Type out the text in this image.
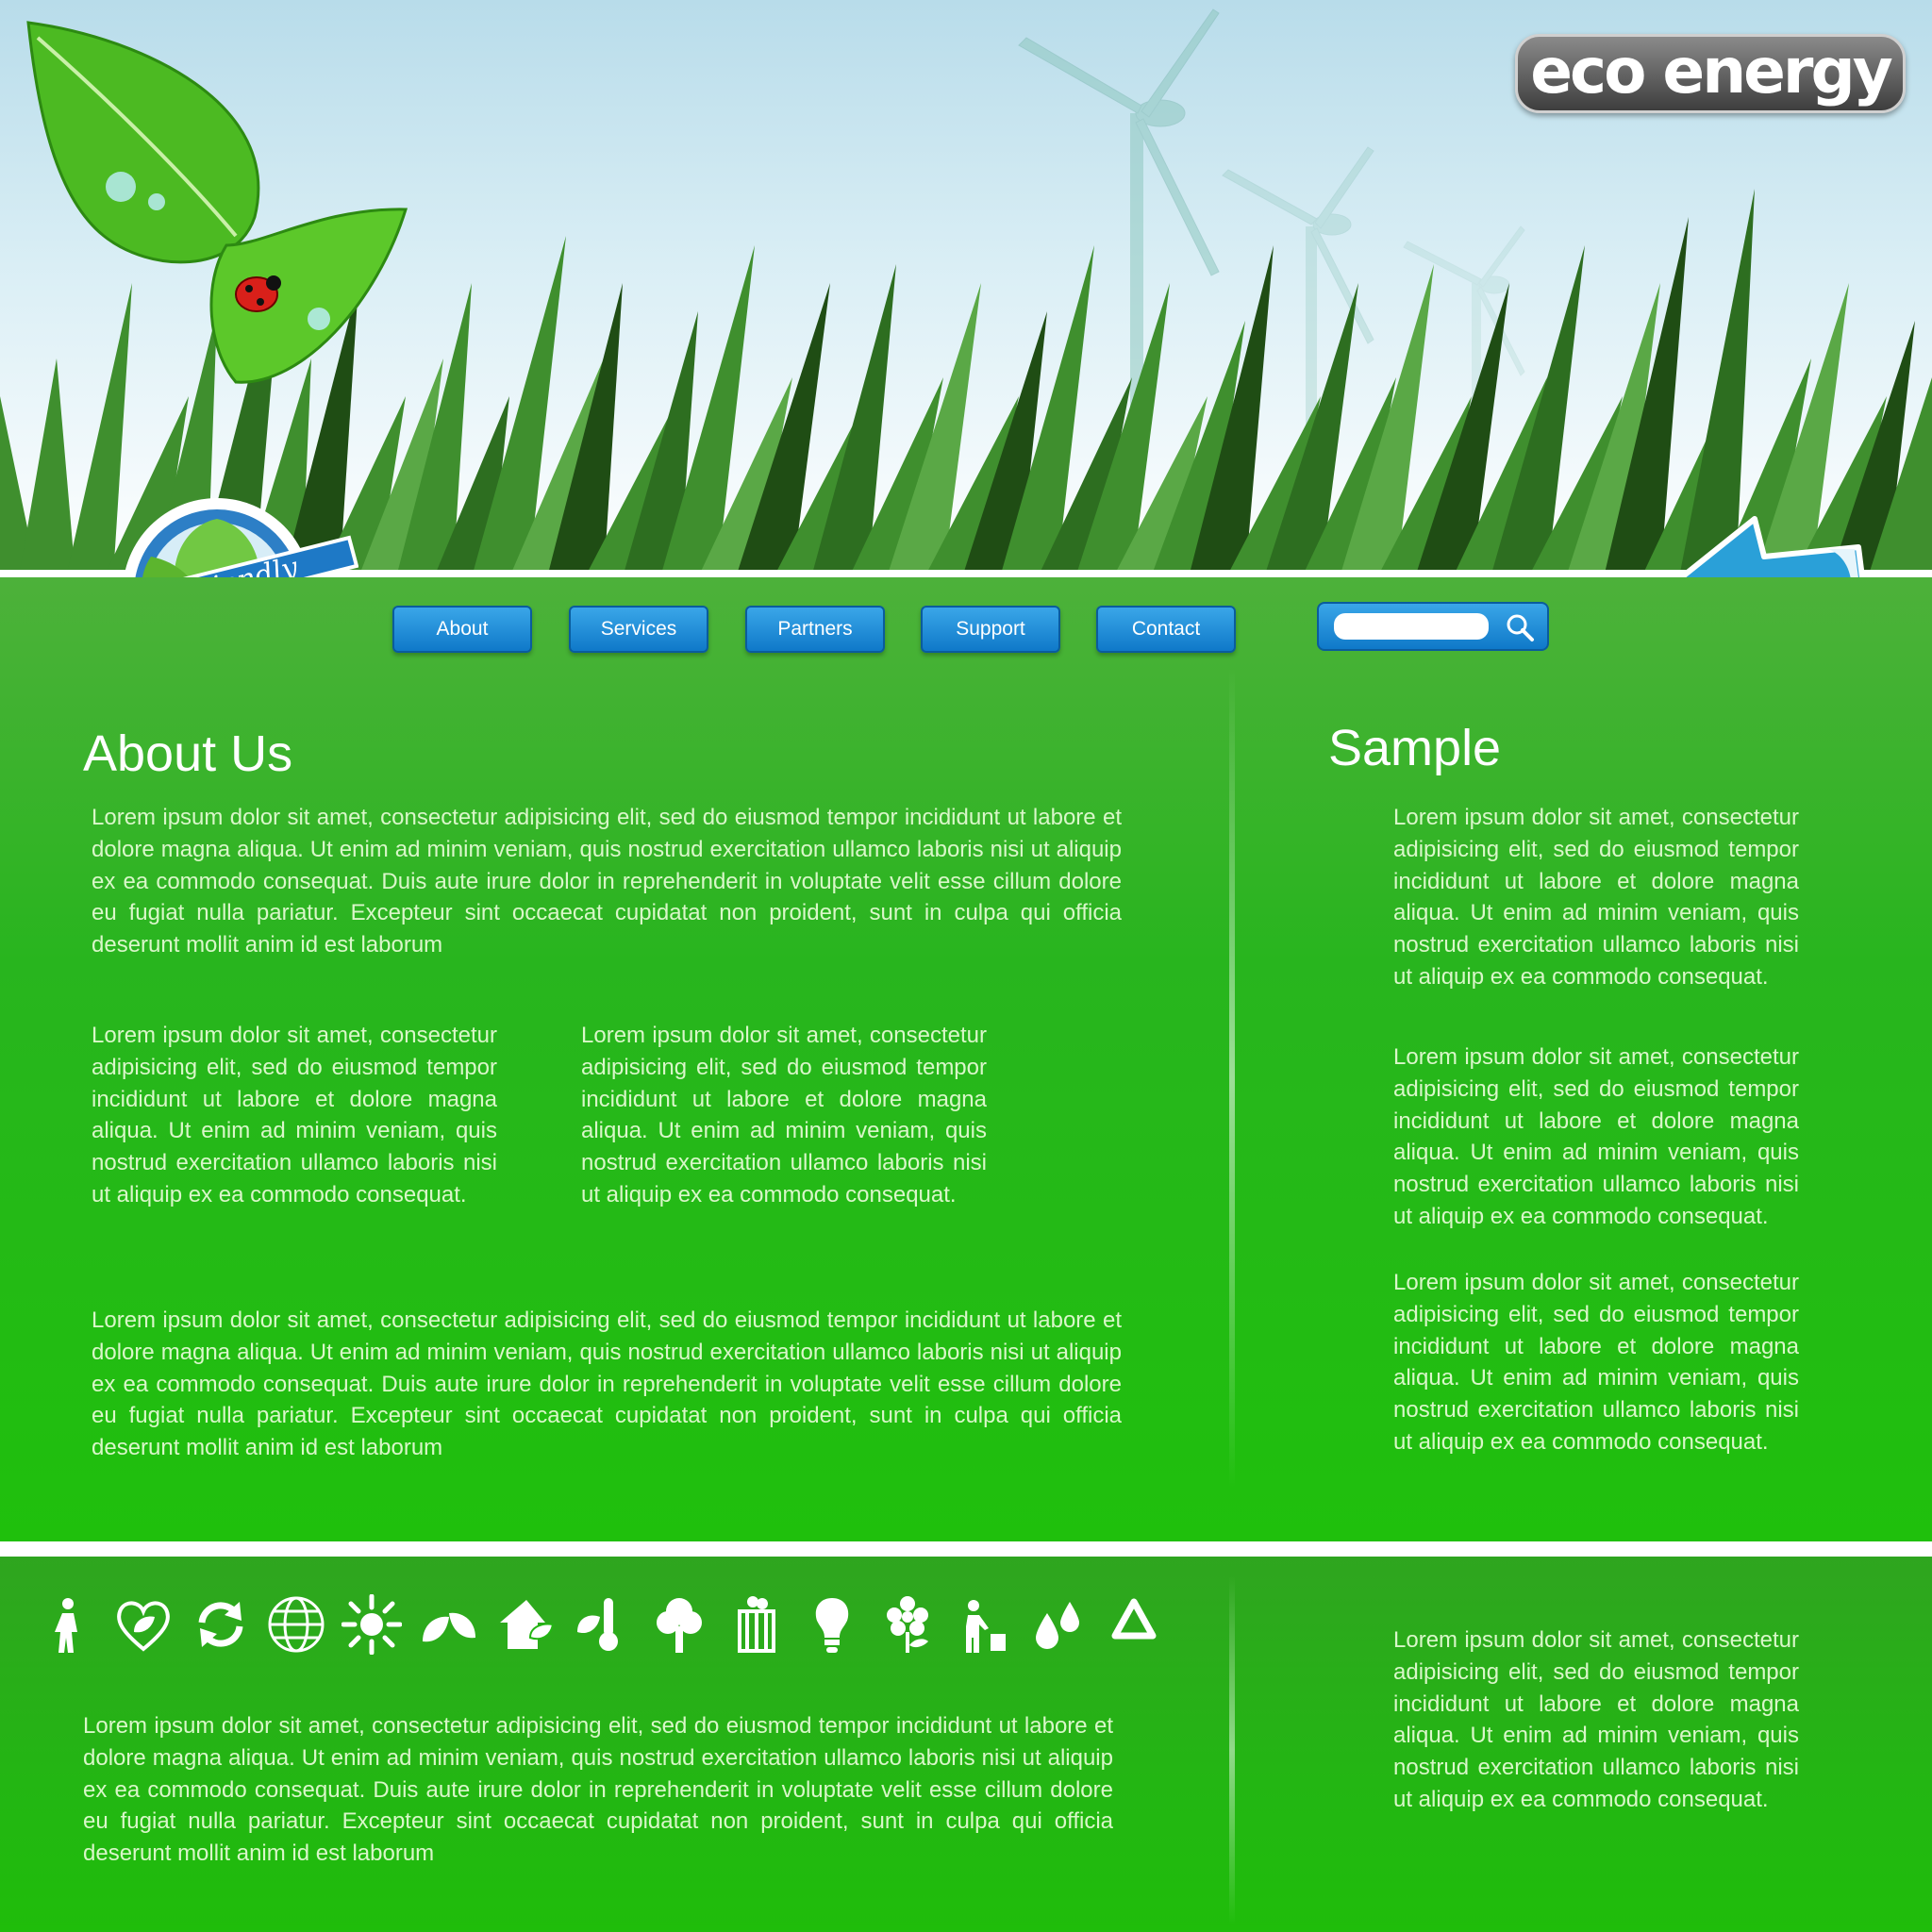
eco energy
About	Services	Partners	Support	Contact
About Us

Lorem ipsum dolor sit amet, consectetur adipisicing elit, sed do eiusmod tempor incididunt ut labore et dolore magna aliqua. Ut enim ad minim veniam, quis nostrud exercitation ullamco laboris nisi ut aliquip ex ea commodo consequat. Duis aute irure dolor in reprehenderit in voluptate velit esse cillum dolore eu fugiat nulla pariatur. Excepteur sint occaecat cupidatat non proident, sunt in culpa qui officia deserunt mollit anim id est laborum

Lorem ipsum dolor sit amet, consectetur adipisicing elit, sed do eiusmod tempor incididunt ut labore et dolore magna aliqua. Ut enim ad minim veniam, quis nostrud exercitation ullamco laboris nisi ut aliquip ex ea commodo consequat.

Lorem ipsum dolor sit amet, consectetur adipisicing elit, sed do eiusmod tempor incididunt ut labore et dolore magna aliqua. Ut enim ad minim veniam, quis nostrud exercitation ullamco laboris nisi ut aliquip ex ea commodo consequat.

Lorem ipsum dolor sit amet, consectetur adipisicing elit, sed do eiusmod tempor incididunt ut labore et dolore magna aliqua. Ut enim ad minim veniam, quis nostrud exercitation ullamco laboris nisi ut aliquip ex ea commodo consequat. Duis aute irure dolor in reprehenderit in voluptate velit esse cillum dolore eu fugiat nulla pariatur. Excepteur sint occaecat cupidatat non proident, sunt in culpa qui officia deserunt mollit anim id est laborum

Sample

Lorem ipsum dolor sit amet, consectetur adipisicing elit, sed do eiusmod tempor incididunt ut labore et dolore magna aliqua. Ut enim ad minim veniam, quis nostrud exercitation ullamco laboris nisi ut aliquip ex ea commodo consequat.

Lorem ipsum dolor sit amet, consectetur adipisicing elit, sed do eiusmod tempor incididunt ut labore et dolore magna aliqua. Ut enim ad minim veniam, quis nostrud exercitation ullamco laboris nisi ut aliquip ex ea commodo consequat.

Lorem ipsum dolor sit amet, consectetur adipisicing elit, sed do eiusmod tempor incididunt ut labore et dolore magna aliqua. Ut enim ad minim veniam, quis nostrud exercitation ullamco laboris nisi ut aliquip ex ea commodo consequat.

Lorem ipsum dolor sit amet, consectetur adipisicing elit, sed do eiusmod tempor incididunt ut labore et dolore magna aliqua. Ut enim ad minim veniam, quis nostrud exercitation ullamco laboris nisi ut aliquip ex ea commodo consequat. Duis aute irure dolor in reprehenderit in voluptate velit esse cillum dolore eu fugiat nulla pariatur. Excepteur sint occaecat cupidatat non proident, sunt in culpa qui officia deserunt mollit anim id est laborum

Lorem ipsum dolor sit amet, consectetur adipisicing elit, sed do eiusmod tempor incididunt ut labore et dolore magna aliqua. Ut enim ad minim veniam, quis nostrud exercitation ullamco laboris nisi ut aliquip ex ea commodo consequat.
